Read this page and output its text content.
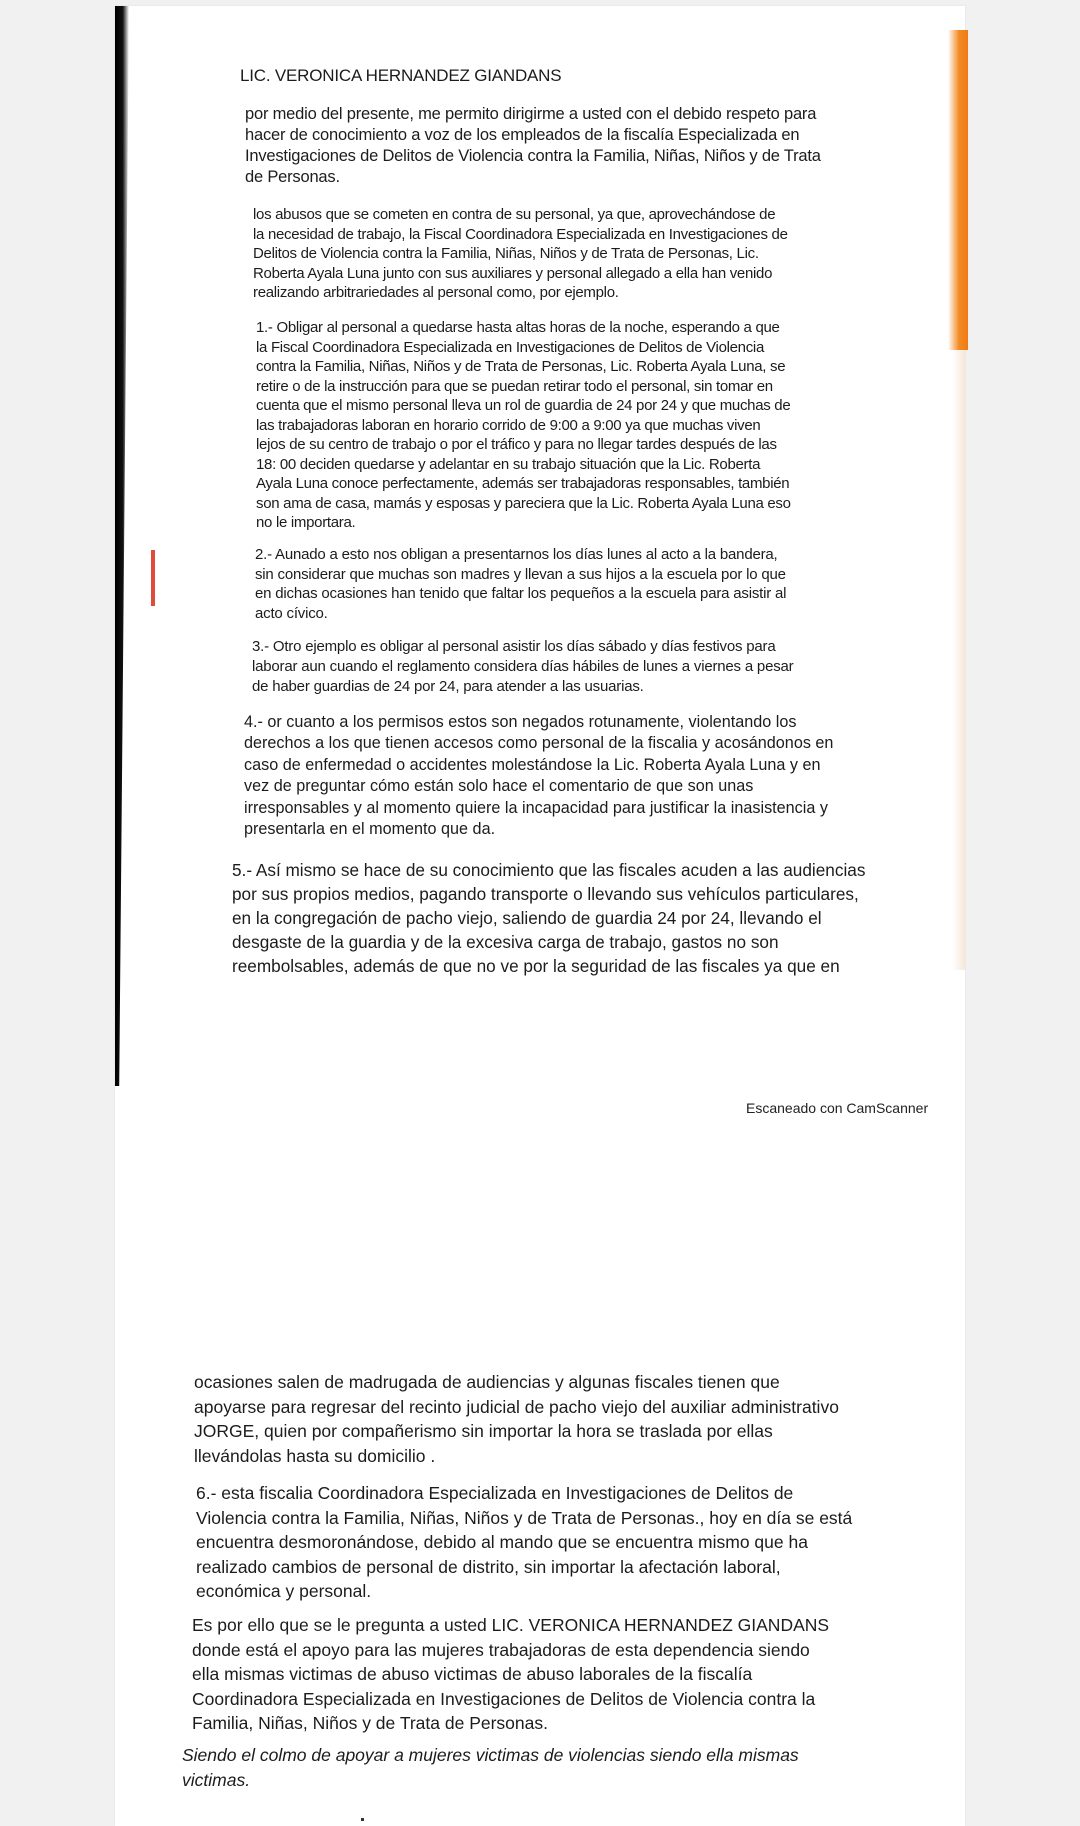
LIC. VERONICA HERNANDEZ GIANDANS
por medio del presente, me permito dirigirme a usted con el debido respeto para
hacer de conocimiento a voz de los empleados de la fiscalía Especializada en
Investigaciones de Delitos de Violencia contra la Familia, Niñas, Niños y de Trata
de Personas.
los abusos que se cometen en contra de su personal, ya que, aprovechándose de
la necesidad de trabajo, la Fiscal Coordinadora Especializada en Investigaciones de
Delitos de Violencia contra la Familia, Niñas, Niños y de Trata de Personas, Lic.
Roberta Ayala Luna junto con sus auxiliares y personal allegado a ella han venido
realizando arbitrariedades al personal como, por ejemplo.
1.- Obligar al personal a quedarse hasta altas horas de la noche, esperando a que
la Fiscal Coordinadora Especializada en Investigaciones de Delitos de Violencia
contra la Familia, Niñas, Niños y de Trata de Personas, Lic. Roberta Ayala Luna, se
retire o de la instrucción para que se puedan retirar todo el personal, sin tomar en
cuenta que el mismo personal lleva un rol de guardia de 24 por 24 y que muchas de
las trabajadoras laboran en horario corrido de 9:00 a 9:00 ya que muchas viven
lejos de su centro de trabajo o por el tráfico y para no llegar tardes después de las
18: 00 deciden quedarse y adelantar en su trabajo situación que la Lic. Roberta
Ayala Luna conoce perfectamente, además ser trabajadoras responsables, también
son ama de casa, mamás y esposas y pareciera que la Lic. Roberta Ayala Luna eso
no le importara.
2.- Aunado a esto nos obligan a presentarnos los días lunes al acto a la bandera,
sin considerar que muchas son madres y llevan a sus hijos a la escuela por lo que
en dichas ocasiones han tenido que faltar los pequeños a la escuela para asistir al
acto cívico.
3.- Otro ejemplo es obligar al personal asistir los días sábado y días festivos para
laborar aun cuando el reglamento considera días hábiles de lunes a viernes a pesar
de haber guardias de 24 por 24, para atender a las usuarias.
4.- or cuanto a los permisos estos son negados rotunamente, violentando los
derechos a los que tienen accesos como personal de la fiscalia y acosándonos en
caso de enfermedad o accidentes molestándose la Lic. Roberta Ayala Luna y en
vez de preguntar cómo están solo hace el comentario de que son unas
irresponsables y al momento quiere la incapacidad para justificar la inasistencia y
presentarla en el momento que da.
5.- Así mismo se hace de su conocimiento que las fiscales acuden a las audiencias
por sus propios medios, pagando transporte o llevando sus vehículos particulares,
en la congregación de pacho viejo, saliendo de guardia 24 por 24, llevando el
desgaste de la guardia y de la excesiva carga de trabajo, gastos no son
reembolsables, además de que no ve por la seguridad de las fiscales ya que en
Escaneado con CamScanner
ocasiones salen de madrugada de audiencias y algunas fiscales tienen que
apoyarse para regresar del recinto judicial de pacho viejo del auxiliar administrativo
JORGE, quien por compañerismo sin importar la hora se traslada por ellas
llevándolas hasta su domicilio .
6.- esta fiscalia Coordinadora Especializada en Investigaciones de Delitos de
Violencia contra la Familia, Niñas, Niños y de Trata de Personas., hoy en día se está
encuentra desmoronándose, debido al mando que se encuentra mismo que ha
realizado cambios de personal de distrito, sin importar la afectación laboral,
económica y personal.
Es por ello que se le pregunta a usted LIC. VERONICA HERNANDEZ GIANDANS
donde está el apoyo para las mujeres trabajadoras de esta dependencia siendo
ella mismas victimas de abuso victimas de abuso laborales de la fiscalía
Coordinadora Especializada en Investigaciones de Delitos de Violencia contra la
Familia, Niñas, Niños y de Trata de Personas.
Siendo el colmo de apoyar a mujeres victimas de violencias siendo ella mismas
victimas.
